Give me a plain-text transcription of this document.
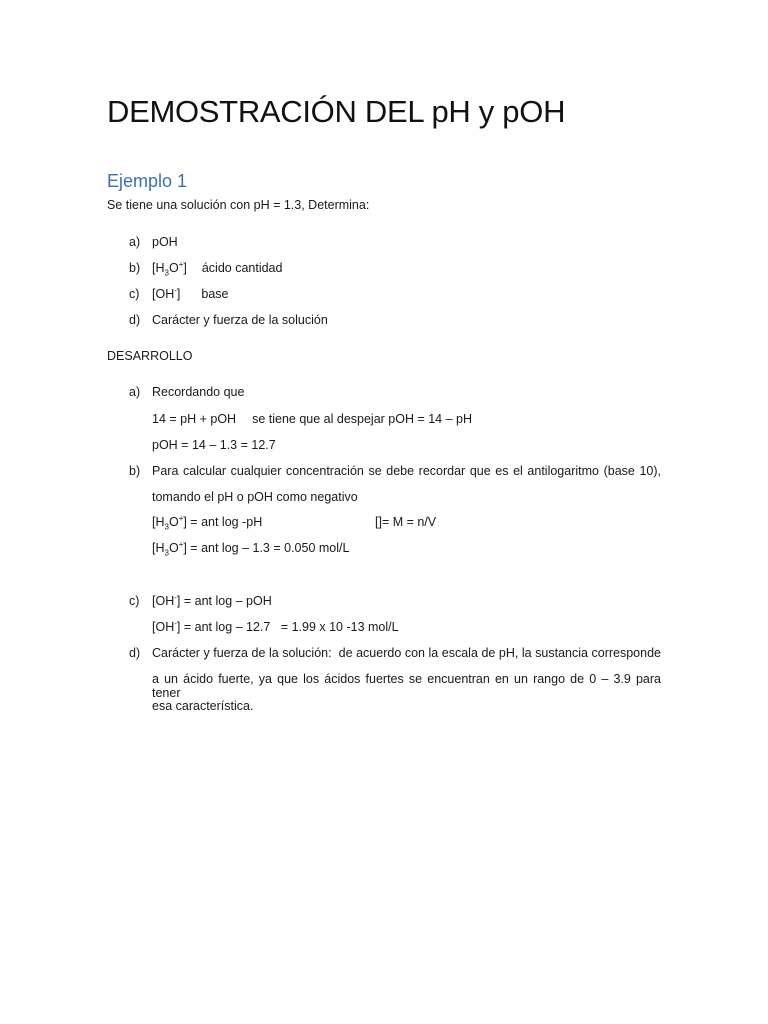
DEMOSTRACIÓN DEL pH y pOH
Ejemplo 1
Se tiene una solución con pH = 1.3, Determina:
a) pOH
b) $[H_3O^+]$ ácido cantidad
c) [OH-] base
d) Carácter y fuerza de la solución
DESARROLLO
a) Recordando que
14 = pH + pOH se tiene que al despejar pOH = 14 – pH
pOH = 14 – 1.3 = 12.7
b) Para calcular cualquier concentración se debe recordar que es el antilogaritmo (base 10),
tomando el pH o pOH como negativo
$[H_3O^+]$ = ant log -pH	[]= M = n/V
$[H_3O^+]$ = ant log – 1.3 = 0.050 mol/L
c) [OH-] = ant log – pOH
[OH-] = ant log – 12.7   = 1.99 x 10 -13 mol/L
d) Carácter y fuerza de la solución:  de acuerdo con la escala de pH, la sustancia corresponde
a un ácido fuerte, ya que los ácidos fuertes se encuentran en un rango de 0 – 3.9 para tener
esa característica.
